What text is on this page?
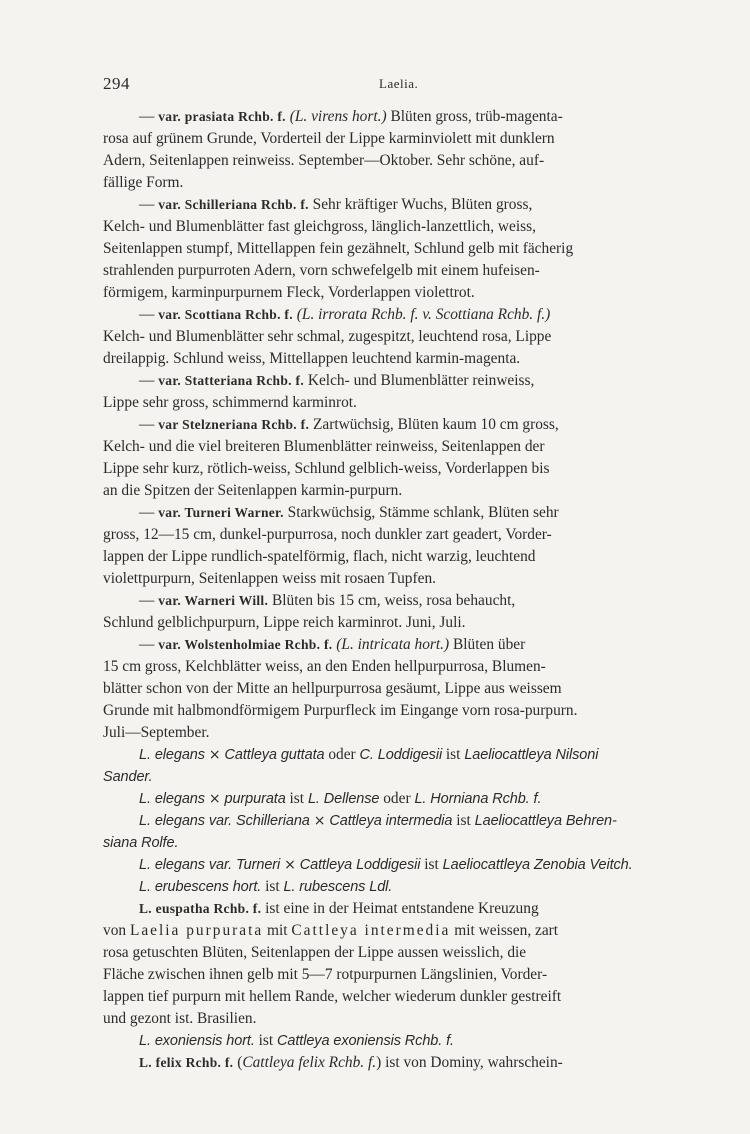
294	Laelia.
— var. prasiata Rchb. f. (L. virens hort.) Blüten gross, trüb-magenta-
rosa auf grünem Grunde, Vorderteil der Lippe karminviolett mit dunklern
Adern, Seitenlappen reinweiss. September—Oktober. Sehr schöne, auf-
fällige Form.
— var. Schilleriana Rchb. f. Sehr kräftiger Wuchs, Blüten gross,
Kelch- und Blumenblätter fast gleichgross, länglich-lanzettlich, weiss,
Seitenlappen stumpf, Mittellappen fein gezähnelt, Schlund gelb mit fächerig
strahlenden purpurroten Adern, vorn schwefelgelb mit einem hufeisen-
förmigem, karminpurpurnem Fleck, Vorderlappen violettrot.
— var. Scottiana Rchb. f. (L. irrorata Rchb. f. v. Scottiana Rchb. f.)
Kelch- und Blumenblätter sehr schmal, zugespitzt, leuchtend rosa, Lippe
dreilappig. Schlund weiss, Mittellappen leuchtend karmin-magenta.
— var. Statteriana Rchb. f. Kelch- und Blumenblätter reinweiss,
Lippe sehr gross, schimmernd karminrot.
— var Stelzneriana Rchb. f. Zartwüchsig, Blüten kaum 10 cm gross,
Kelch- und die viel breiteren Blumenblätter reinweiss, Seitenlappen der
Lippe sehr kurz, rötlich-weiss, Schlund gelblich-weiss, Vorderlappen bis
an die Spitzen der Seitenlappen karmin-purpurn.
— var. Turneri Warner. Starkwüchsig, Stämme schlank, Blüten sehr
gross, 12—15 cm, dunkel-purpurrosa, noch dunkler zart geadert, Vorder-
lappen der Lippe rundlich-spatelförmig, flach, nicht warzig, leuchtend
violettpurpurn, Seitenlappen weiss mit rosaen Tupfen.
— var. Warneri Will. Blüten bis 15 cm, weiss, rosa behaucht,
Schlund gelblichpurpurn, Lippe reich karminrot. Juni, Juli.
— var. Wolstenholmiae Rchb. f. (L. intricata hort.) Blüten über
15 cm gross, Kelchblätter weiss, an den Enden hellpurpurrosa, Blumen-
blätter schon von der Mitte an hellpurpurrosa gesäumt, Lippe aus weissem
Grunde mit halbmondförmigem Purpurfleck im Eingange vorn rosa-purpurn.
Juli—September.
L. elegans × Cattleya guttata oder C. Loddigesii ist Laeliocattleya Nilsoni
Sander.
L. elegans × purpurata ist L. Dellense oder L. Horniana Rchb. f.
L. elegans var. Schilleriana × Cattleya intermedia ist Laeliocattleya Behren-
siana Rolfe.
L. elegans var. Turneri × Cattleya Loddigesii ist Laeliocattleya Zenobia Veitch.
L. erubescens hort. ist L. rubescens Ldl.
L. euspatha Rchb. f. ist eine in der Heimat entstandene Kreuzung
von Laelia purpurata mit Cattleya intermedia mit weissen, zart
rosa getuschten Blüten, Seitenlappen der Lippe aussen weisslich, die
Fläche zwischen ihnen gelb mit 5—7 rotpurpurnen Längslinien, Vorder-
lappen tief purpurn mit hellem Rande, welcher wiederum dunkler gestreift
und gezont ist. Brasilien.
L. exoniensis hort. ist Cattleya exoniensis Rchb. f.
L. felix Rchb. f. (Cattleya felix Rchb. f.) ist von Dominy, wahrschein-
